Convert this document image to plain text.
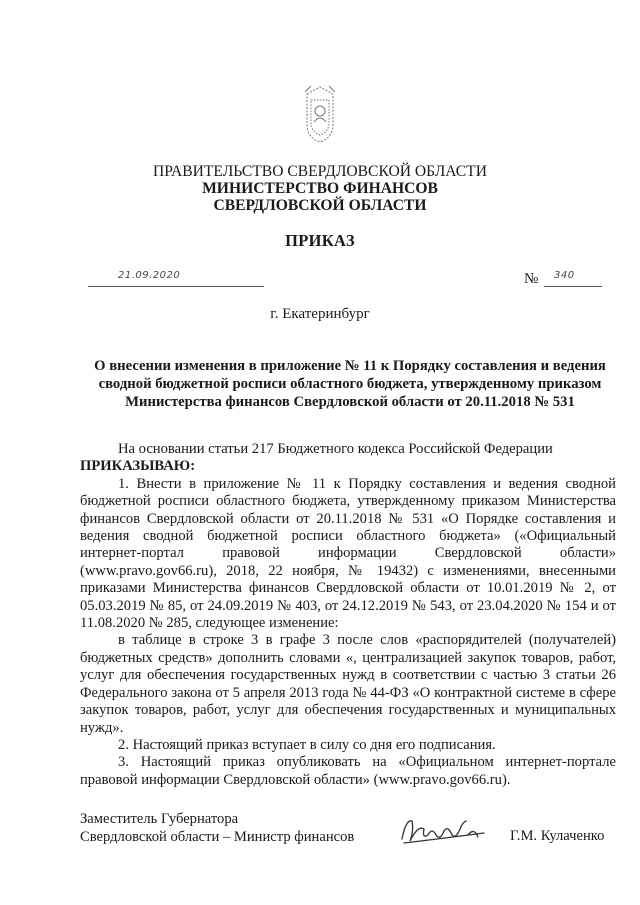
ПРАВИТЕЛЬСТВО СВЕРДЛОВСКОЙ ОБЛАСТИ
МИНИСТЕРСТВО ФИНАНСОВ
СВЕРДЛОВСКОЙ ОБЛАСТИ
ПРИКАЗ
21.09.2020	№ 340
г. Екатеринбург
О внесении изменения в приложение № 11 к Порядку составления и ведения сводной бюджетной росписи областного бюджета, утвержденному приказом Министерства финансов Свердловской области от 20.11.2018 № 531

На основании статьи 217 Бюджетного кодекса Российской Федерации

ПРИКАЗЫВАЮ:

1. Внести в приложение № 11 к Порядку составления и ведения сводной бюджетной росписи областного бюджета, утвержденному приказом Министерства финансов Свердловской области от 20.11.2018 № 531 «О Порядке составления и ведения сводной бюджетной росписи областного бюджета» («Официальный интернет-портал правовой информации Свердловской области» (www.pravo.gov66.ru), 2018, 22 ноября, № 19432) с изменениями, внесенными приказами Министерства финансов Свердловской области от 10.01.2019 № 2, от 05.03.2019 № 85, от 24.09.2019 № 403, от 24.12.2019 № 543, от 23.04.2020 № 154 и от 11.08.2020 № 285, следующее изменение:

в таблице в строке 3 в графе 3 после слов «распорядителей (получателей) бюджетных средств» дополнить словами «, централизацией закупок товаров, работ, услуг для обеспечения государственных нужд в соответствии с частью 3 статьи 26 Федерального закона от 5 апреля 2013 года № 44-ФЗ «О контрактной системе в сфере закупок товаров, работ, услуг для обеспечения государственных и муниципальных нужд».

2. Настоящий приказ вступает в силу со дня его подписания.

3. Настоящий приказ опубликовать на «Официальном интернет-портале правовой информации Свердловской области» (www.pravo.gov66.ru).

Заместитель Губернатора
Свердловской области – Министр финансов	Г.М. Кулаченко
